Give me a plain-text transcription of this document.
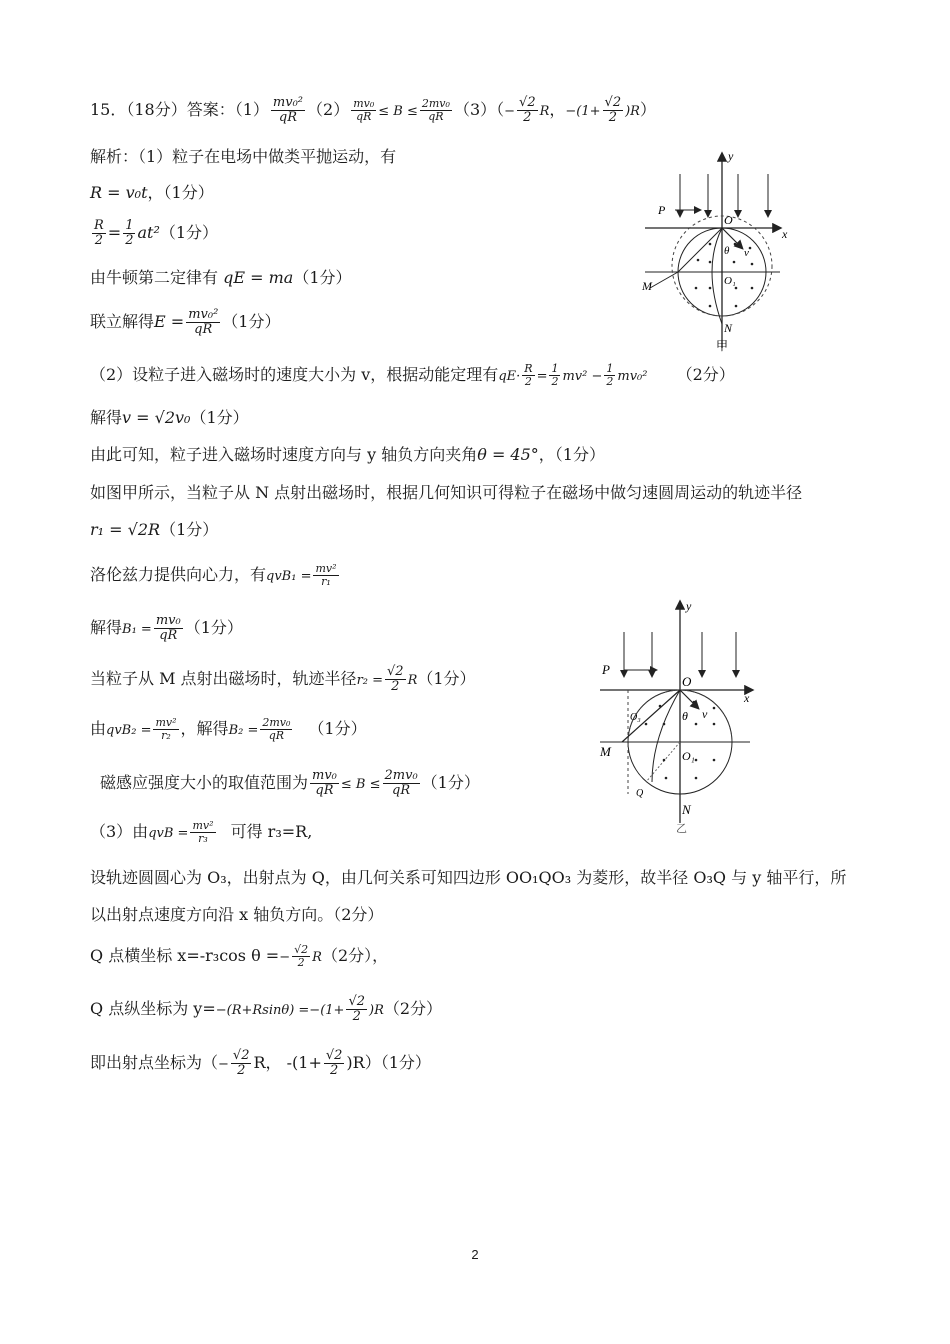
15．（18分）答案：$(1) \frac{\text{mv₀²}}{qR} (2) \frac{\text{mv₀}}{qR} \le B \le \frac{\text{2mv₀}}{qR} (3)(- \frac{√2}{2}$ R，$-(1+ \frac{√2}{2} )R$）
解析：（1）粒子在电场中做类平抛运动，有
R = v₀t，（1分）
$\frac{R}{2} = \frac{1}{2} at^2(1$分）
由牛顿第二定律有 qE = ma（1分）
联立解得$E = \frac{\text{mv₀²}}{qR} (1$分）
（2）设粒子进入磁场时的速度大小为 v，根据动能定理有$qE\cdot \frac{R}{2} = \frac{1}{2} mv^2 - \frac{1}{2} mv_0^2$ （2分）
解得v = √2v₀（1分）
由此可知，粒子进入磁场时速度方向与 y 轴负方向夹角θ = 45°，（1分）
如图甲所示，当粒子从 N 点射出磁场时，根据几何知识可得粒子在磁场中做匀速圆周运动的轨迹半径
r₁ = √2R（1分）
洛伦兹力提供向心力，有$qvB_1 = \frac{\text{mv²}}{\text{r₁}}$
解得$B_1 = \frac{\text{mv₀}}{qR} (1$分）
当粒子从 M 点射出磁场时，轨迹半径$r_2 = \frac{√2}{2} R(1$分）
由$qvB_2 = \frac{\text{mv²}}{\text{r₂}}$ ，解得$B_2 = \frac{\text{2mv₀}}{qR} (1$分）
磁感应强度大小的取值范围为 $\frac{\text{mv₀}}{qR} \le B \le \frac{\text{2mv₀}}{qR} (1$分）
（3）由qvB = $\frac{\text{mv²}}{\text{r₃}}$ 可得 r₃=R,
设轨迹圆圆心为 O₃，出射点为 Q，由几何关系可知四边形 OO₁QO₃ 为菱形，故半径 O₃Q 与 y 轴平行，所
以出射点速度方向沿 x 轴负方向。（2分）
Q 点横坐标 x=-r₃cos $\theta =- \frac{√2}{2} R(2$分），
Q 点纵坐标为 $y=-(R+Rsin\theta) =-(1+ \frac{√2}{2} )R(2$分）
即出射点坐标为（− $\frac{√2}{2}$ R， $-(1+ \frac{√2}{2} )R)(1$分）
y
x
O
P
M
N
O₁
θ v
甲
y
x
O
P
M
N
O₁
O₃
Q
θ v
乙
2
